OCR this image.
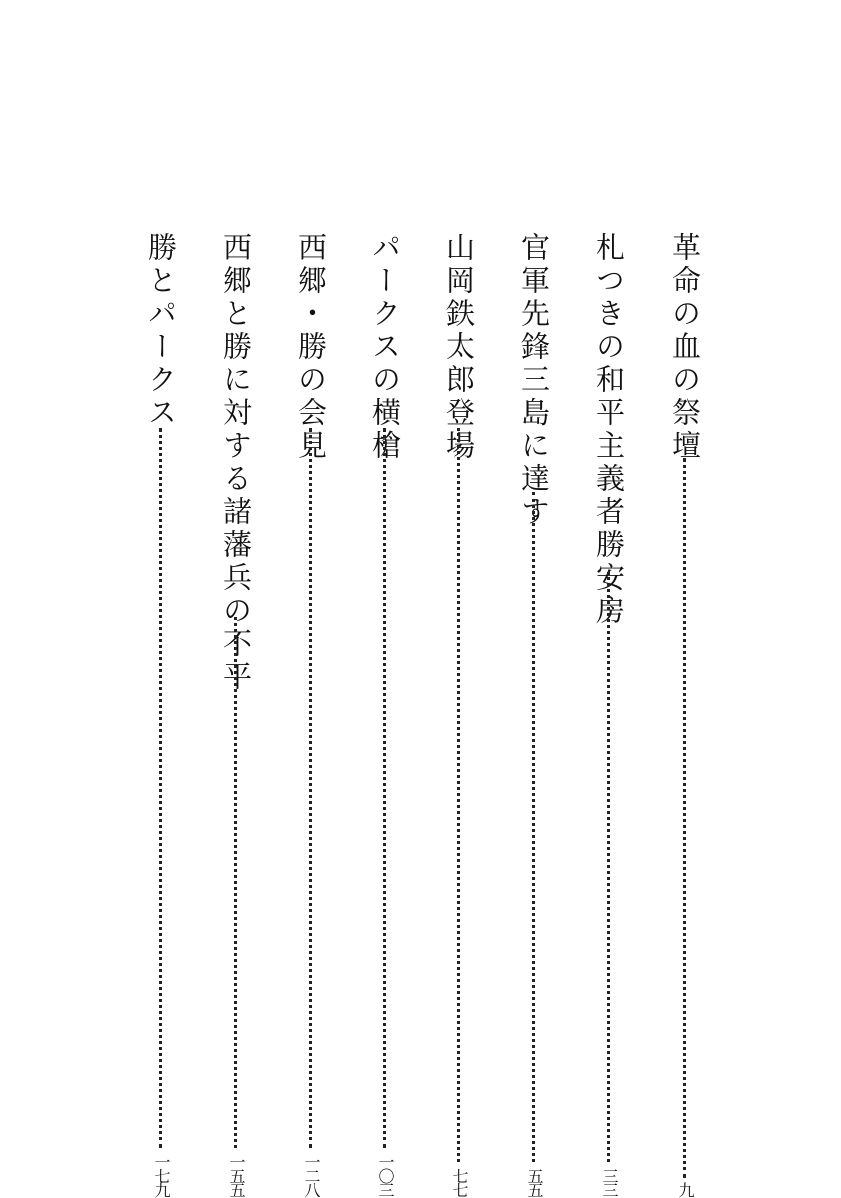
革命の血の祭壇
九
札つきの和平主義者勝安房
三三
官軍先鋒三島に達す
五五
山岡鉄太郎登場
七七
パークスの横槍
一〇三
西郷・勝の会見
一二八
西郷と勝に対する諸藩兵の不平
一五五
勝とパークス
一七九
